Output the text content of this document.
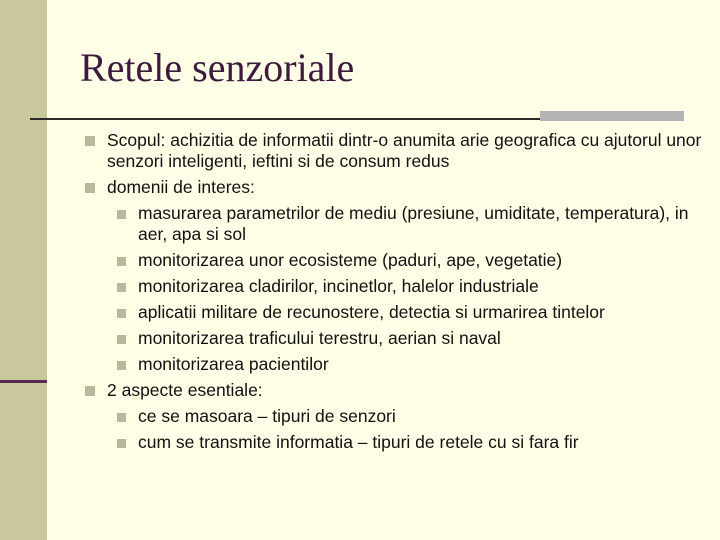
Retele senzoriale
Scopul: achizitia de informatii dintr-o anumita arie geografica cu ajutorul unor senzori inteligenti, ieftini si de consum redus
domenii de interes:
masurarea parametrilor de mediu (presiune, umiditate, temperatura), in aer, apa si sol
monitorizarea unor ecosisteme (paduri, ape, vegetatie)
monitorizarea cladirilor, incinetlor, halelor industriale
aplicatii militare de recunostere, detectia si urmarirea tintelor
monitorizarea traficului terestru, aerian si naval
monitorizarea pacientilor
2 aspecte esentiale:
ce se masoara – tipuri de senzori
cum se transmite informatia – tipuri de retele cu si fara fir
